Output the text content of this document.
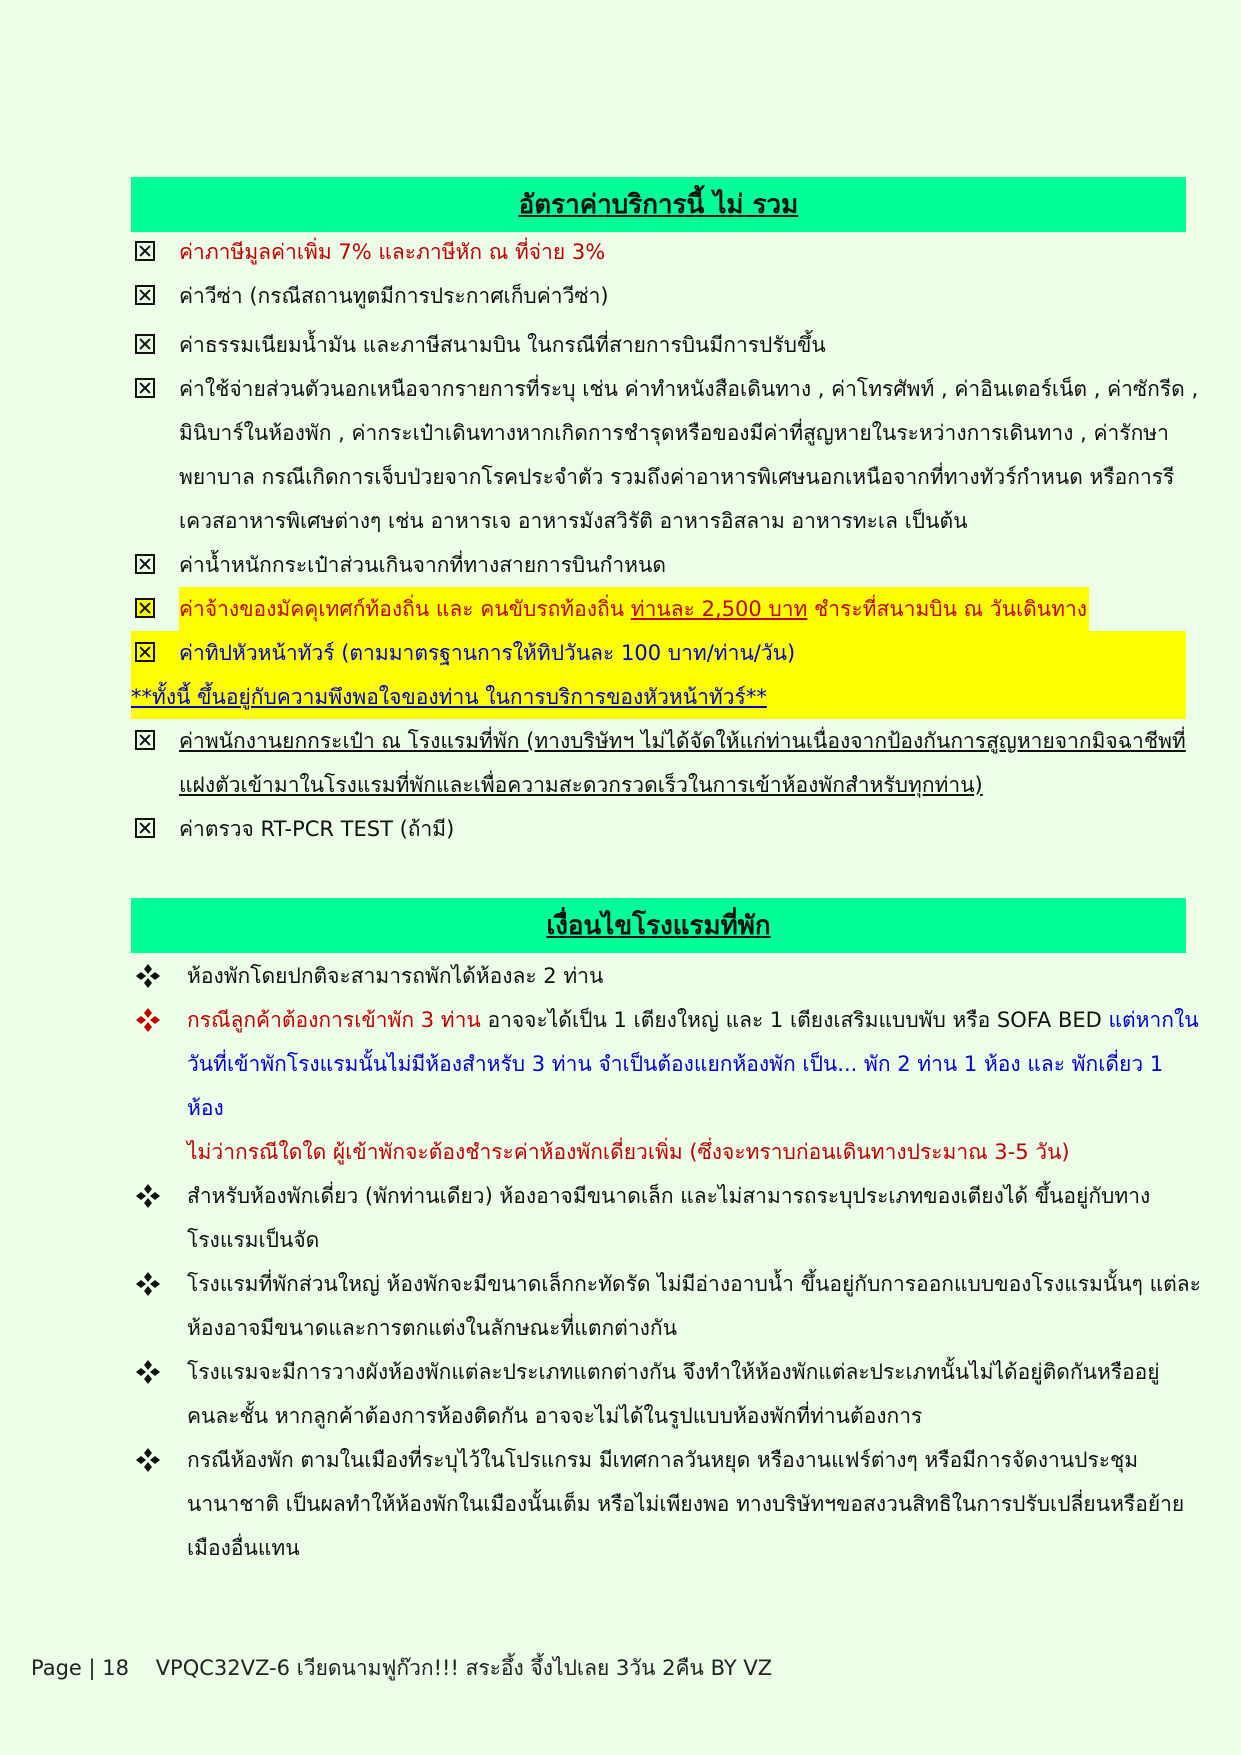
อัตราค่าบริการนี้ ไม่ รวม
ค่าภาษีมูลค่าเพิ่ม 7% และภาษีหัก ณ ที่จ่าย 3%
ค่าวีซ่า (กรณีสถานทูตมีการประกาศเก็บค่าวีซ่า)
ค่าธรรมเนียมน้ำมัน และภาษีสนามบิน ในกรณีที่สายการบินมีการปรับขึ้น
ค่าใช้จ่ายส่วนตัวนอกเหนือจากรายการที่ระบุ เช่น ค่าทำหนังสือเดินทาง , ค่าโทรศัพท์ , ค่าอินเตอร์เน็ต , ค่าซักรีด , มินิบาร์ในห้องพัก , ค่ากระเป๋าเดินทางหากเกิดการชำรุดหรือของมีค่าที่สูญหายในระหว่างการเดินทาง , ค่ารักษาพยาบาล กรณีเกิดการเจ็บป่วยจากโรคประจำตัว รวมถึงค่าอาหารพิเศษนอกเหนือจากที่ทางทัวร์กำหนด หรือการรีเควสอาหารพิเศษต่างๆ เช่น อาหารเจ อาหารมังสวิรัติ อาหารอิสลาม อาหารทะเล เป็นต้น
ค่าน้ำหนักกระเป๋าส่วนเกินจากที่ทางสายการบินกำหนด
ค่าจ้างของมัคคุเทศก์ท้องถิ่น และ คนขับรถท้องถิ่น ท่านละ 2,500 บาท ชำระที่สนามบิน ณ วันเดินทาง
ค่าทิปหัวหน้าทัวร์ (ตามมาตรฐานการให้ทิปวันละ 100 บาท/ท่าน/วัน)
**ทั้งนี้ ขึ้นอยู่กับความพึงพอใจของท่าน ในการบริการของหัวหน้าทัวร์**
ค่าพนักงานยกกระเป๋า ณ โรงแรมที่พัก (ทางบริษัทฯ ไม่ได้จัดให้แก่ท่านเนื่องจากป้องกันการสูญหายจากมิจฉาชีพที่แฝงตัวเข้ามาในโรงแรมที่พักและเพื่อความสะดวกรวดเร็วในการเข้าห้องพักสำหรับทุกท่าน)
ค่าตรวจ RT-PCR TEST (ถ้ามี)
เงื่อนไขโรงแรมที่พัก
ห้องพักโดยปกติจะสามารถพักได้ห้องละ 2 ท่าน
กรณีลูกค้าต้องการเข้าพัก 3 ท่าน อาจจะได้เป็น 1 เตียงใหญ่ และ 1 เตียงเสริมแบบพับ หรือ SOFA BED แต่หากในวันที่เข้าพักโรงแรมนั้นไม่มีห้องสำหรับ 3 ท่าน จำเป็นต้องแยกห้องพัก เป็น... พัก 2 ท่าน 1 ห้อง และ พักเดี่ยว 1 ห้อง
ไม่ว่ากรณีใดใด ผู้เข้าพักจะต้องชำระค่าห้องพักเดี่ยวเพิ่ม (ซึ่งจะทราบก่อนเดินทางประมาณ 3-5 วัน)
สำหรับห้องพักเดี่ยว (พักท่านเดียว) ห้องอาจมีขนาดเล็ก และไม่สามารถระบุประเภทของเตียงได้ ขึ้นอยู่กับทางโรงแรมเป็นจัด
โรงแรมที่พักส่วนใหญ่ ห้องพักจะมีขนาดเล็กกะทัดรัด ไม่มีอ่างอาบน้ำ ขึ้นอยู่กับการออกแบบของโรงแรมนั้นๆ แต่ละห้องอาจมีขนาดและการตกแต่งในลักษณะที่แตกต่างกัน
โรงแรมจะมีการวางผังห้องพักแต่ละประเภทแตกต่างกัน จึงทำให้ห้องพักแต่ละประเภทนั้นไม่ได้อยู่ติดกันหรืออยู่คนละชั้น หากลูกค้าต้องการห้องติดกัน อาจจะไม่ได้ในรูปแบบห้องพักที่ท่านต้องการ
กรณีห้องพัก ตามในเมืองที่ระบุไว้ในโปรแกรม มีเทศกาลวันหยุด หรืองานแฟร์ต่างๆ หรือมีการจัดงานประชุมนานาชาติ เป็นผลทำให้ห้องพักในเมืองนั้นเต็ม หรือไม่เพียงพอ ทางบริษัทฯขอสงวนสิทธิในการปรับเปลี่ยนหรือย้ายเมืองอื่นแทน
Page | 18    VPQC32VZ-6 เวียดนามฟูก๊วก!!! สระอึ้ง จึ้งไปเลย 3วัน 2คืน BY VZ
